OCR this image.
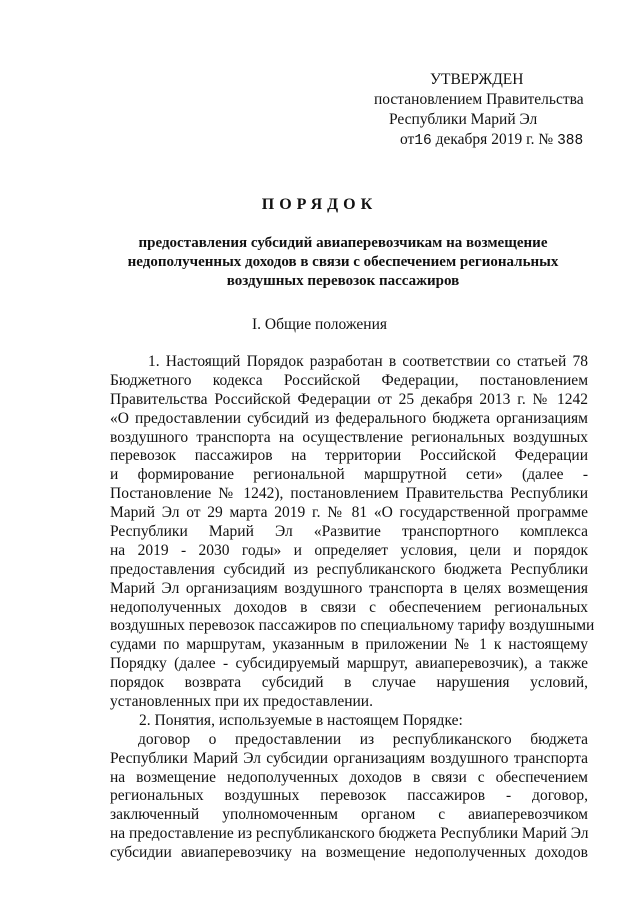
УТВЕРЖДЕН
постановлением Правительства
Республики Марий Эл
от16 декабря 2019 г. № 388
ПОРЯДОК
предоставления субсидий авиаперевозчикам на возмещение
недополученных доходов в связи с обеспечением региональных
воздушных перевозок пассажиров
I. Общие положения
1. Настоящий Порядок разработан в соответствии со статьей 78
Бюджетного кодекса Российской Федерации, постановлением
Правительства Российской Федерации от 25 декабря 2013 г. № 1242
«О предоставлении субсидий из федерального бюджета организациям
воздушного транспорта на осуществление региональных воздушных
перевозок пассажиров на территории Российской Федерации
и формирование региональной маршрутной сети» (далее -
Постановление № 1242), постановлением Правительства Республики
Марий Эл от 29 марта 2019 г. № 81 «О государственной программе
Республики Марий Эл «Развитие транспортного комплекса
на 2019 - 2030 годы» и определяет условия, цели и порядок
предоставления субсидий из республиканского бюджета Республики
Марий Эл организациям воздушного транспорта в целях возмещения
недополученных доходов в связи с обеспечением региональных
воздушных перевозок пассажиров по специальному тарифу воздушными
судами по маршрутам, указанным в приложении № 1 к настоящему
Порядку (далее - субсидируемый маршрут, авиаперевозчик), а также
порядок возврата субсидий в случае нарушения условий,
установленных при их предоставлении.
2. Понятия, используемые в настоящем Порядке:
договор о предоставлении из республиканского бюджета
Республики Марий Эл субсидии организациям воздушного транспорта
на возмещение недополученных доходов в связи с обеспечением
региональных воздушных перевозок пассажиров - договор,
заключенный уполномоченным органом с авиаперевозчиком
на предоставление из республиканского бюджета Республики Марий Эл
субсидии авиаперевозчику на возмещение недополученных доходов
